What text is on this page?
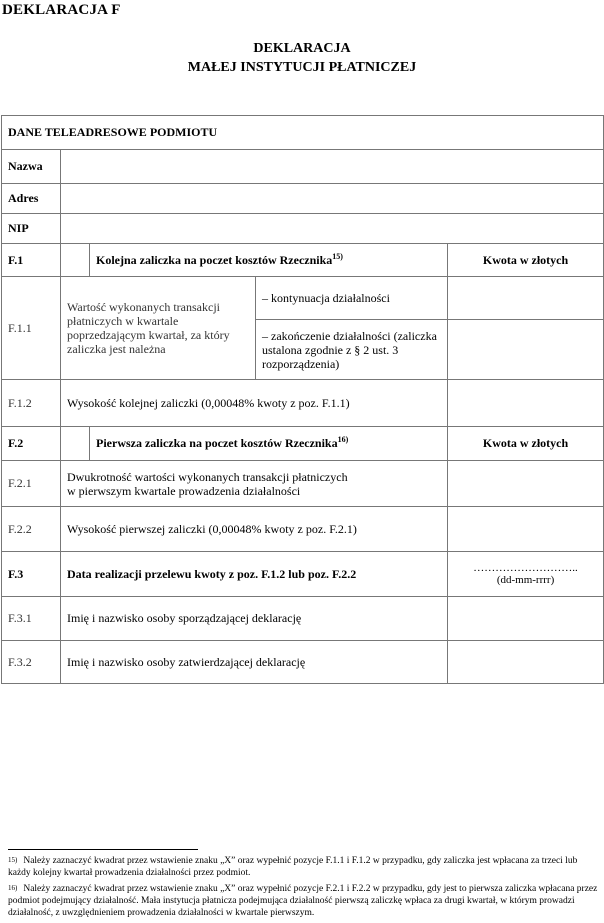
DEKLARACJA F
DEKLARACJA
MAŁEJ INSTYTUCJI PŁATNICZEJ
DANE TELEADRESOWE PODMIOTU				
Nazwa				
Adres				
NIP				
F.1		Kolejna zaliczka na poczet kosztów Rzecznika$^{15)}$		Kwota w złotych
F.1.1	Wartość wykonanych transakcji płatniczych w kwartale poprzedzającym kwartał, za który zaliczka jest należna		– kontynuacja działalności	
			– zakończenie działalności (zaliczka ustalona zgodnie z § 2 ust. 3 rozporządzenia)	
F.1.2	Wysokość kolejnej zaliczki (0,00048% kwoty z poz. F.1.1)			
F.2		Pierwsza zaliczka na poczet kosztów Rzecznika$^{16)}$		Kwota w złotych
F.2.1	Dwukrotność wartości wykonanych transakcji płatniczych
w pierwszym kwartale prowadzenia działalności			
F.2.2	Wysokość pierwszej zaliczki (0,00048% kwoty z poz. F.2.1)			
F.3	Data realizacji przelewu kwoty z poz. F.1.2 lub poz. F.2.2			………………………..
(dd-mm-rrrr)

F.3.1	Imię i nazwisko osoby sporządzającej deklarację			
F.3.2	Imię i nazwisko osoby zatwierdzającej deklarację			
$^{15)}$ Należy zaznaczyć kwadrat przez wstawienie znaku „X” oraz wypełnić pozycje F.1.1 i F.1.2 w przypadku, gdy zaliczka jest wpłacana za trzeci lub każdy kolejny kwartał prowadzenia działalności przez podmiot.
$^{16)}$ Należy zaznaczyć kwadrat przez wstawienie znaku „X” oraz wypełnić pozycje F.2.1 i F.2.2 w przypadku, gdy jest to pierwsza zaliczka wpłacana przez podmiot podejmujący działalność. Mała instytucja płatnicza podejmująca działalność pierwszą zaliczkę wpłaca za drugi kwartał, w którym prowadzi działalność, z uwzględnieniem prowadzenia działalności w kwartale pierwszym.
